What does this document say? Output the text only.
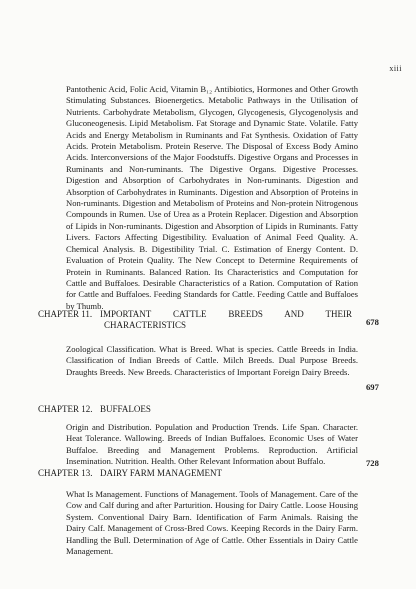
xiii

Pantothenic Acid, Folic Acid, Vitamin B₁₂ Antibiotics, Hormones and Other Growth Stimulating Substances. Bioenergetics. Metabolic Pathways in the Utilisation of Nutrients. Carbohydrate Metabolism, Glycogen, Glycogenesis, Glycogenolysis and Gluconeogenesis. Lipid Metabolism. Fat Storage and Dynamic State. Volatile. Fatty Acids and Energy Metabolism in Ruminants and Fat Synthesis. Oxidation of Fatty Acids. Protein Metabolism. Protein Reserve. The Disposal of Excess Body Amino Acids. Interconversions of the Major Foodstuffs. Digestive Organs and Processes in Ruminants and Non-ruminants. The Digestive Organs. Digestive Processes. Digestion and Absorption of Carbohydrates in Non-ruminants. Digestion and Absorption of Carbohydrates in Ruminants. Digestion and Absorption of Proteins in Non-ruminants. Digestion and Metabolism of Proteins and Non-protein Nitrogenous Compounds in Rumen. Use of Urea as a Protein Replacer. Digestion and Absorption of Lipids in Non-ruminants. Digestion and Absorption of Lipids in Ruminants. Fatty Livers. Factors Affecting Digestibility. Evaluation of Animal Feed Quality. A. Chemical Analysis. B. Digestibility Trial. C. Estimation of Energy Content. D. Evaluation of Protein Quality. The New Concept to Determine Requirements of Protein in Ruminants. Balanced Ration. Its Characteristics and Computation for Cattle and Buffaloes. Desirable Characteristics of a Ration. Computation of Ration for Cattle and Buffaloes. Feeding Standards for Cattle. Feeding Cattle and Buffaloes by Thumb.

CHAPTER 11. IMPORTANT CATTLE BREEDS AND THEIR
CHARACTERISTICS	678

Zoological Classification. What is Breed. What is species. Cattle Breeds in India. Classification of Indian Breeds of Cattle. Milch Breeds. Dual Purpose Breeds. Draughts Breeds. New Breeds. Characteristics of Important Foreign Dairy Breeds.

697
CHAPTER 12. BUFFALOES

Origin and Distribution. Population and Production Trends. Life Span. Character. Heat Tolerance. Wallowing. Breeds of Indian Buffaloes. Economic Uses of Water Buffaloe. Breeding and Management Problems. Reproduction. Artificial Insemination. Nutrition. Health. Other Relevant Information about Buffalo.	728
CHAPTER 13. DAIRY FARM MANAGEMENT

What Is Management. Functions of Management. Tools of Management. Care of the Cow and Calf during and after Parturition. Housing for Dairy Cattle. Loose Housing System. Conventional Dairy Barn. Identification of Farm Animals. Raising the Dairy Calf. Management of Cross-Bred Cows. Keeping Records in the Dairy Farm. Handling the Bull. Determination of Age of Cattle. Other Essentials in Dairy Cattle Management.
